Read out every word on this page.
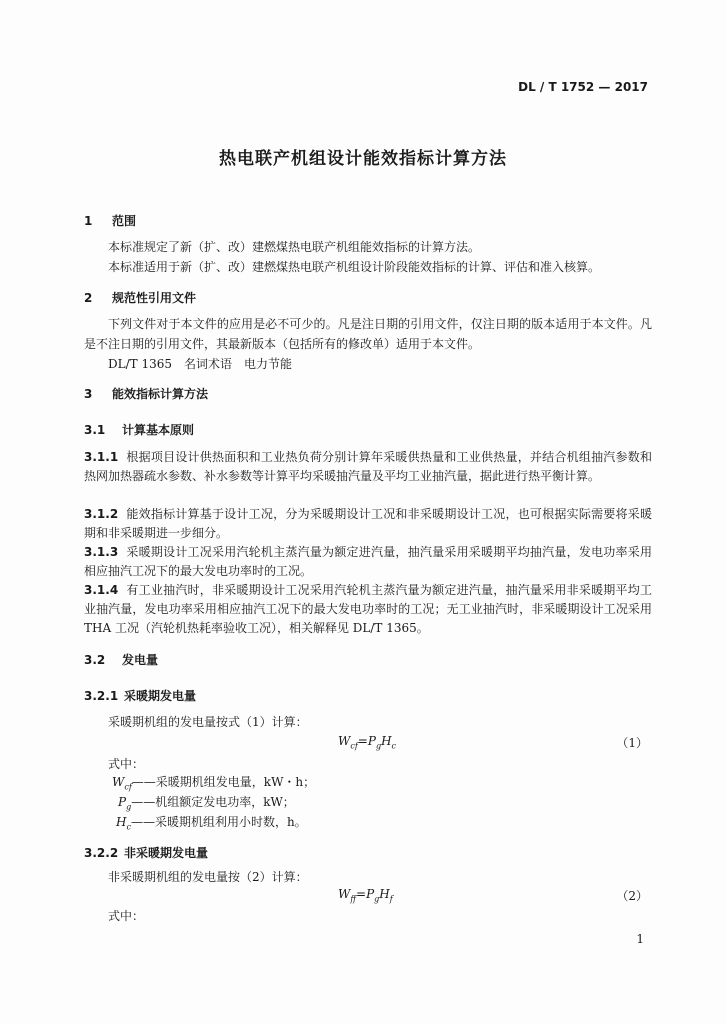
DL / T 1752 — 2017
热电联产机组设计能效指标计算方法
1 范围
本标准规定了新（扩、改）建燃煤热电联产机组能效指标的计算方法。
本标准适用于新（扩、改）建燃煤热电联产机组设计阶段能效指标的计算、评估和准入核算。
2 规范性引用文件
下列文件对于本文件的应用是必不可少的。凡是注日期的引用文件，仅注日期的版本适用于本文件。凡是不注日期的引用文件，其最新版本（包括所有的修改单）适用于本文件。
DL/T 1365　名词术语　电力节能
3 能效指标计算方法
3.1 计算基本原则
3.1.1 根据项目设计供热面积和工业热负荷分别计算年采暖供热量和工业供热量，并结合机组抽汽参数和热网加热器疏水参数、补水参数等计算平均采暖抽汽量及平均工业抽汽量，据此进行热平衡计算。
3.1.2 能效指标计算基于设计工况，分为采暖期设计工况和非采暖期设计工况，也可根据实际需要将采暖期和非采暖期进一步细分。
3.1.3 采暖期设计工况采用汽轮机主蒸汽量为额定进汽量，抽汽量采用采暖期平均抽汽量，发电功率采用相应抽汽工况下的最大发电功率时的工况。
3.1.4 有工业抽汽时，非采暖期设计工况采用汽轮机主蒸汽量为额定进汽量，抽汽量采用非采暖期平均工业抽汽量，发电功率采用相应抽汽工况下的最大发电功率时的工况；无工业抽汽时，非采暖期设计工况采用 THA 工况（汽轮机热耗率验收工况），相关解释见 DL/T 1365。
3.2 发电量
3.2.1 采暖期发电量
采暖期机组的发电量按式（1）计算：
$W_{cf}=P_gH_c$	（1）
式中：
$W_{cf}——$采暖期机组发电量，kW・h；
$P_g——$机组额定发电功率，kW；
$H_c——$采暖期机组利用小时数，h。
3.2.2 非采暖期发电量
非采暖期机组的发电量按（2）计算：
$W_{ff}=P_gH_f$	（2）
式中：
1
